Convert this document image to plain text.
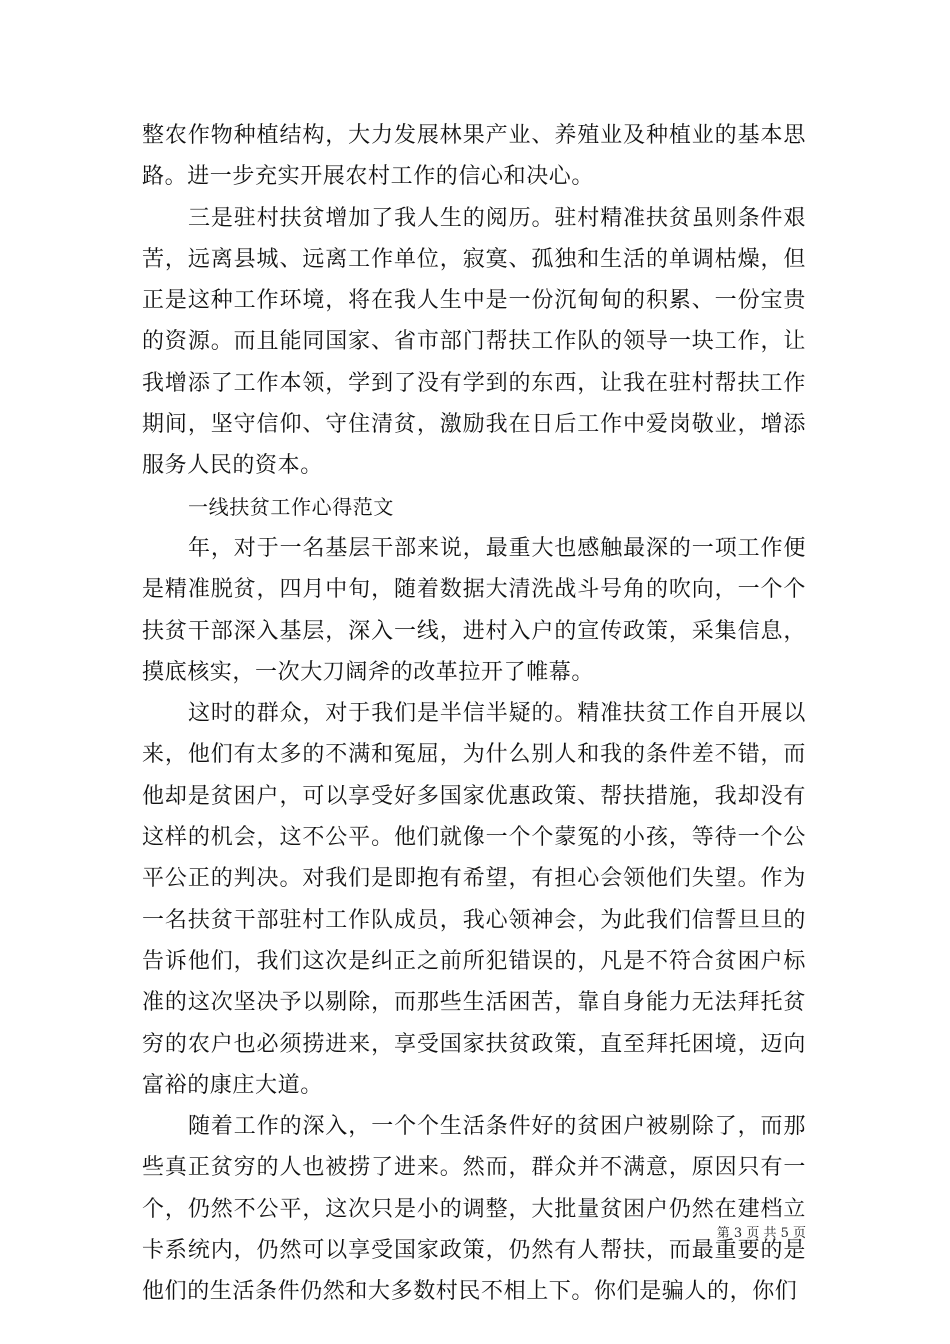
整农作物种植结构，大力发展林果产业、养殖业及种植业的基本思路。进一步充实开展农村工作的信心和决心。

三是驻村扶贫增加了我人生的阅历。驻村精准扶贫虽则条件艰苦，远离县城、远离工作单位，寂寞、孤独和生活的单调枯燥，但正是这种工作环境，将在我人生中是一份沉甸甸的积累、一份宝贵的资源。而且能同国家、省市部门帮扶工作队的领导一块工作，让我增添了工作本领，学到了没有学到的东西，让我在驻村帮扶工作期间，坚守信仰、守住清贫，激励我在日后工作中爱岗敬业，增添服务人民的资本。

一线扶贫工作心得范文

年，对于一名基层干部来说，最重大也感触最深的一项工作便是精准脱贫，四月中旬，随着数据大清洗战斗号角的吹向，一个个扶贫干部深入基层，深入一线，进村入户的宣传政策，采集信息，摸底核实，一次大刀阔斧的改革拉开了帷幕。

这时的群众，对于我们是半信半疑的。精准扶贫工作自开展以来，他们有太多的不满和冤屈，为什么别人和我的条件差不错，而他却是贫困户，可以享受好多国家优惠政策、帮扶措施，我却没有这样的机会，这不公平。他们就像一个个蒙冤的小孩，等待一个公平公正的判决。对我们是即抱有希望，有担心会领他们失望。作为一名扶贫干部驻村工作队成员，我心领神会，为此我们信誓旦旦的告诉他们，我们这次是纠正之前所犯错误的，凡是不符合贫困户标准的这次坚决予以剔除，而那些生活困苦，靠自身能力无法拜托贫穷的农户也必须捞进来，享受国家扶贫政策，直至拜托困境，迈向富裕的康庄大道。

随着工作的深入，一个个生活条件好的贫困户被剔除了，而那些真正贫穷的人也被捞了进来。然而，群众并不满意，原因只有一个，仍然不公平，这次只是小的调整，大批量贫困户仍然在建档立卡系统内，仍然可以享受国家政策，仍然有人帮扶，而最重要的是他们的生活条件仍然和大多数村民不相上下。你们是骗人的，你们

第 3 页 共 5 页
